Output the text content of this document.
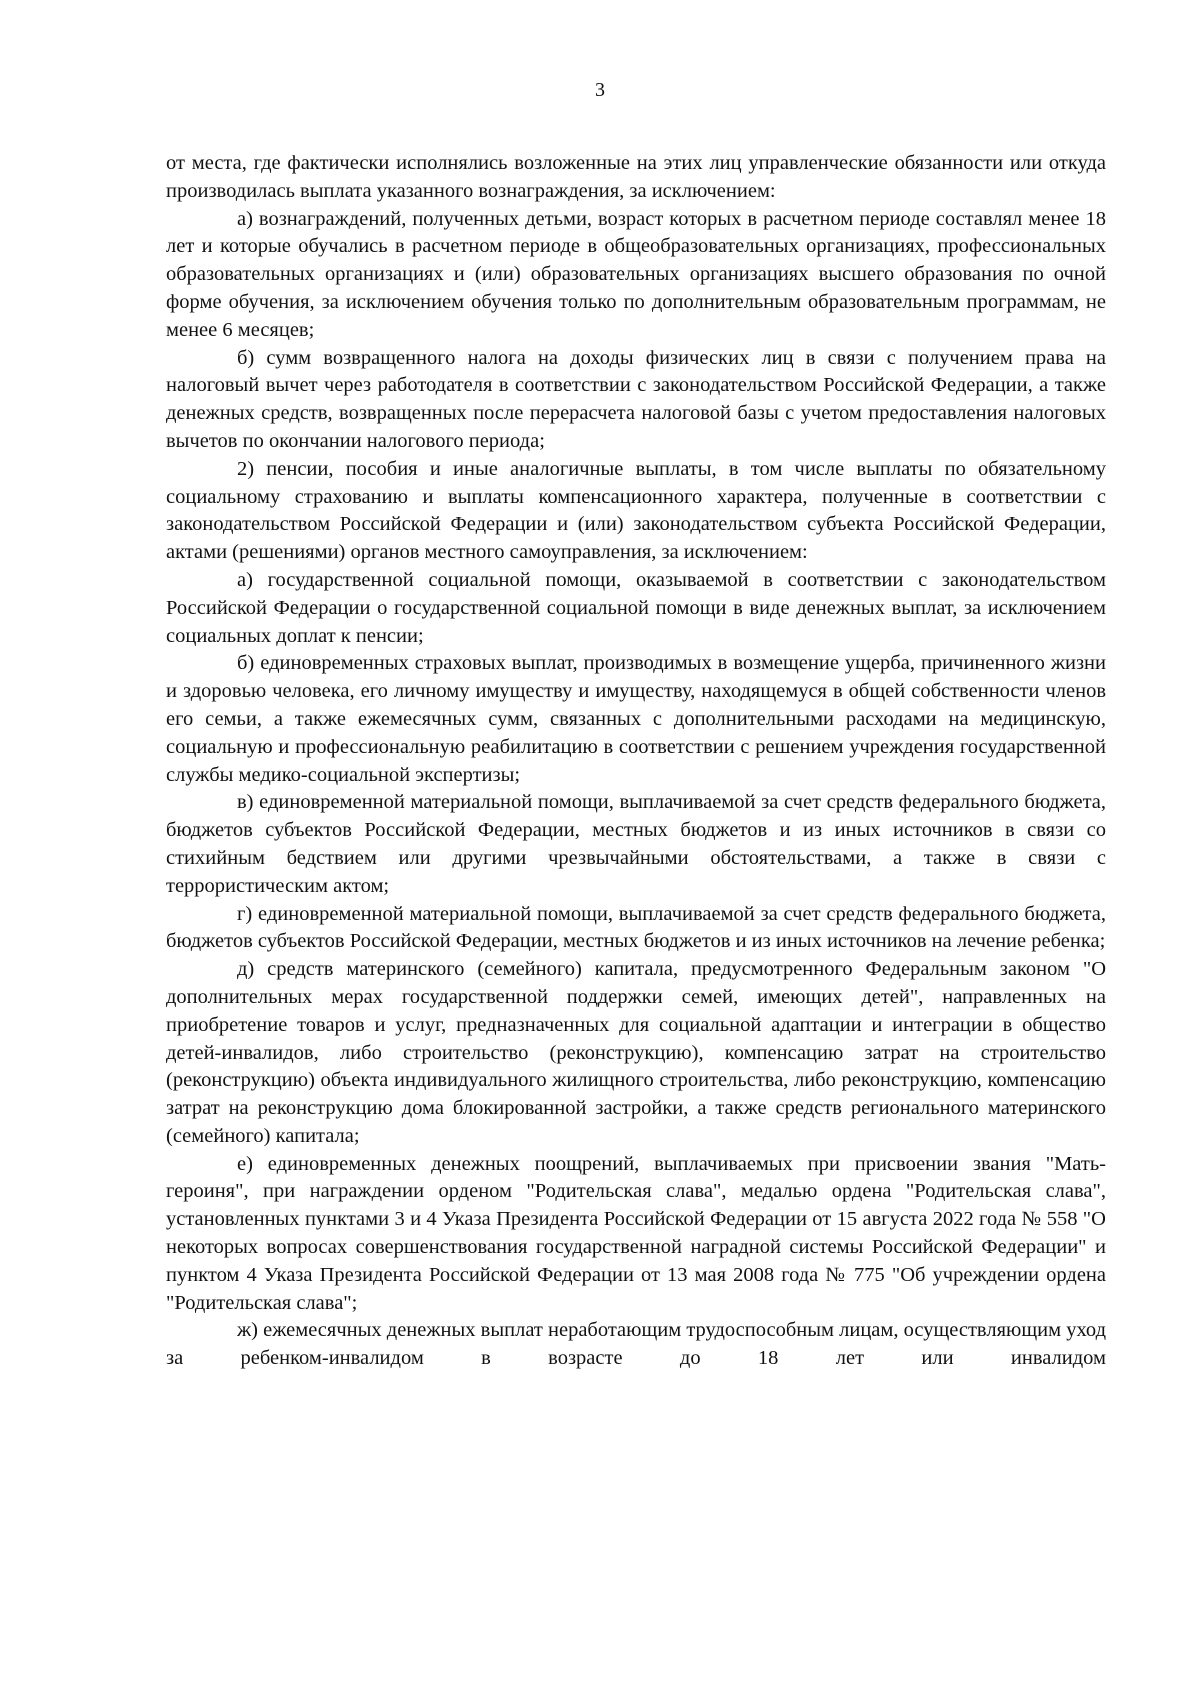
3

от места, где фактически исполнялись возложенные на этих лиц управленческие обязанности или откуда производилась выплата указанного вознаграждения, за исключением:

а) вознаграждений, полученных детьми, возраст которых в расчетном периоде составлял менее 18 лет и которые обучались в расчетном периоде в общеобразовательных организациях, профессиональных образовательных организациях и (или) образовательных организациях высшего образования по очной форме обучения, за исключением обучения только по дополнительным образовательным программам, не менее 6 месяцев;

б) сумм возвращенного налога на доходы физических лиц в связи с получением права на налоговый вычет через работодателя в соответствии с законодательством Российской Федерации, а также денежных средств, возвращенных после перерасчета налоговой базы с учетом предоставления налоговых вычетов по окончании налогового периода;

2) пенсии, пособия и иные аналогичные выплаты, в том числе выплаты по обязательному социальному страхованию и выплаты компенсационного характера, полученные в соответствии с законодательством Российской Федерации и (или) законодательством субъекта Российской Федерации, актами (решениями) органов местного самоуправления, за исключением:

а) государственной социальной помощи, оказываемой в соответствии с законодательством Российской Федерации о государственной социальной помощи в виде денежных выплат, за исключением социальных доплат к пенсии;

б) единовременных страховых выплат, производимых в возмещение ущерба, причиненного жизни и здоровью человека, его личному имуществу и имуществу, находящемуся в общей собственности членов его семьи, а также ежемесячных сумм, связанных с дополнительными расходами на медицинскую, социальную и профессиональную реабилитацию в соответствии с решением учреждения государственной службы медико-социальной экспертизы;

в) единовременной материальной помощи, выплачиваемой за счет средств федерального бюджета, бюджетов субъектов Российской Федерации, местных бюджетов и из иных источников в связи со стихийным бедствием или другими чрезвычайными обстоятельствами, а также в связи с террористическим актом;

г) единовременной материальной помощи, выплачиваемой за счет средств федерального бюджета, бюджетов субъектов Российской Федерации, местных бюджетов и из иных источников на лечение ребенка;

д) средств материнского (семейного) капитала, предусмотренного Федеральным законом "О дополнительных мерах государственной поддержки семей, имеющих детей", направленных на приобретение товаров и услуг, предназначенных для социальной адаптации и интеграции в общество детей-инвалидов, либо строительство (реконструкцию), компенсацию затрат на строительство (реконструкцию) объекта индивидуального жилищного строительства, либо реконструкцию, компенсацию затрат на реконструкцию дома блокированной застройки, а также средств регионального материнского (семейного) капитала;

е) единовременных денежных поощрений, выплачиваемых при присвоении звания "Мать-героиня", при награждении орденом "Родительская слава", медалью ордена "Родительская слава", установленных пунктами 3 и 4 Указа Президента Российской Федерации от 15 августа 2022 года № 558 "О некоторых вопросах совершенствования государственной наградной системы Российской Федерации" и пунктом 4 Указа Президента Российской Федерации от 13 мая 2008 года № 775 "Об учреждении ордена "Родительская слава";

ж) ежемесячных денежных выплат неработающим трудоспособным лицам, осуществляющим уход за ребенком-инвалидом в возрасте до 18 лет или инвалидом
